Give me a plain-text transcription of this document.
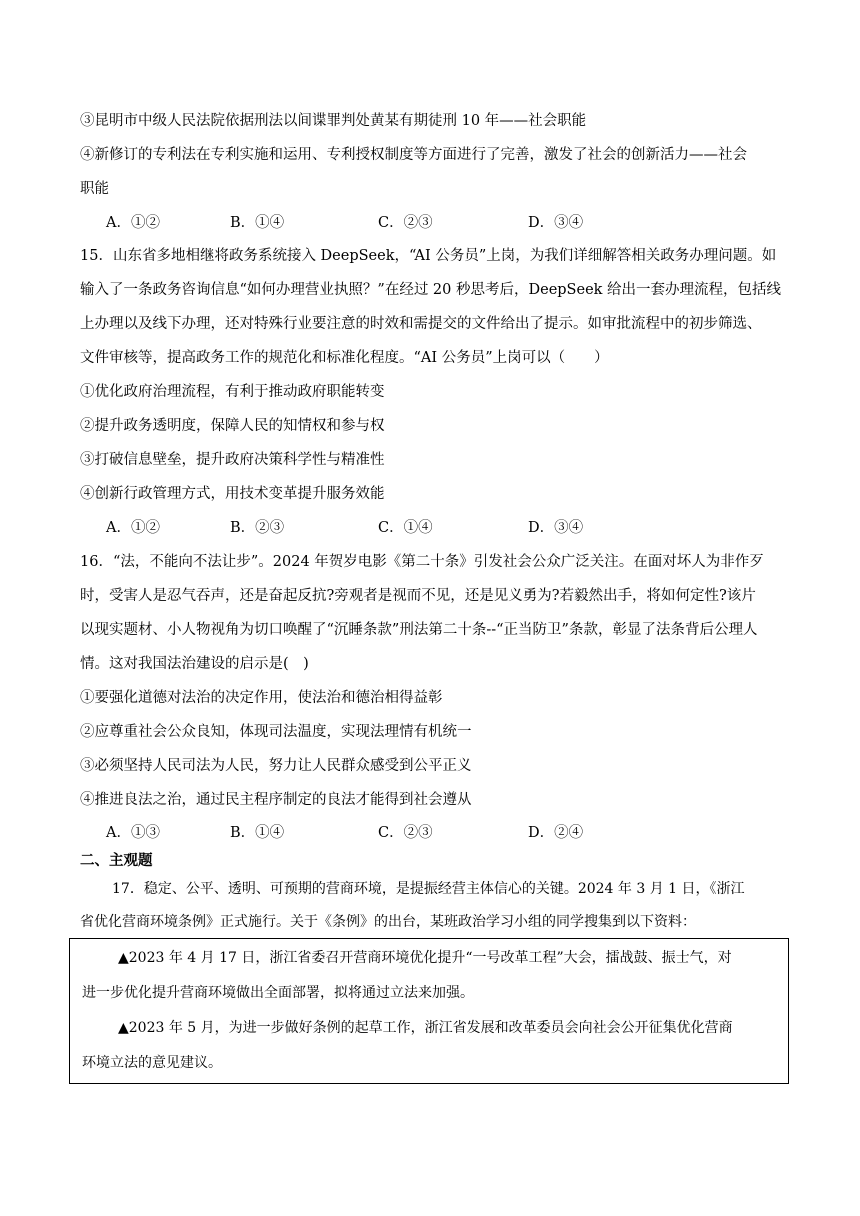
③昆明市中级人民法院依据刑法以间谍罪判处黄某有期徒刑 10 年——社会职能
④新修订的专利法在专利实施和运用、专利授权制度等方面进行了完善，激发了社会的创新活力——社会
职能
A．①②	B．①④	C．②③	D．③④
15．山东省多地相继将政务系统接入 DeepSeek，“AI 公务员”上岗，为我们详细解答相关政务办理问题。如
输入了一条政务咨询信息“如何办理营业执照？”在经过 20 秒思考后，DeepSeek 给出一套办理流程，包括线
上办理以及线下办理，还对特殊行业要注意的时效和需提交的文件给出了提示。如审批流程中的初步筛选、
文件审核等，提高政务工作的规范化和标准化程度。“AI 公务员”上岗可以（　　）
①优化政府治理流程，有利于推动政府职能转变
②提升政务透明度，保障人民的知情权和参与权
③打破信息壁垒，提升政府决策科学性与精准性
④创新行政管理方式，用技术变革提升服务效能
A．①②	B．②③	C．①④	D．③④
16．“法，不能向不法让步”。2024 年贺岁电影《第二十条》引发社会公众广泛关注。在面对坏人为非作歹
时，受害人是忍气吞声，还是奋起反抗?旁观者是视而不见，还是见义勇为?若毅然出手，将如何定性?该片
以现实题材、小人物视角为切口唤醒了“沉睡条款”刑法第二十条--“正当防卫”条款，彰显了法条背后公理人
情。这对我国法治建设的启示是(　)
①要强化道德对法治的决定作用，使法治和德治相得益彰
②应尊重社会公众良知，体现司法温度，实现法理情有机统一
③必须坚持人民司法为人民，努力让人民群众感受到公平正义
④推进良法之治，通过民主程序制定的良法才能得到社会遵从
A．①③	B．①④	C．②③	D．②④
二、主观题
17．稳定、公平、透明、可预期的营商环境，是提振经营主体信心的关键。2024 年 3 月 1 日，《浙江
省优化营商环境条例》正式施行。关于《条例》的出台，某班政治学习小组的同学搜集到以下资料：
▲2023 年 4 月 17 日，浙江省委召开营商环境优化提升“一号改革工程”大会，擂战鼓、振士气，对
进一步优化提升营商环境做出全面部署，拟将通过立法来加强。
▲2023 年 5 月，为进一步做好条例的起草工作，浙江省发展和改革委员会向社会公开征集优化营商
环境立法的意见建议。
